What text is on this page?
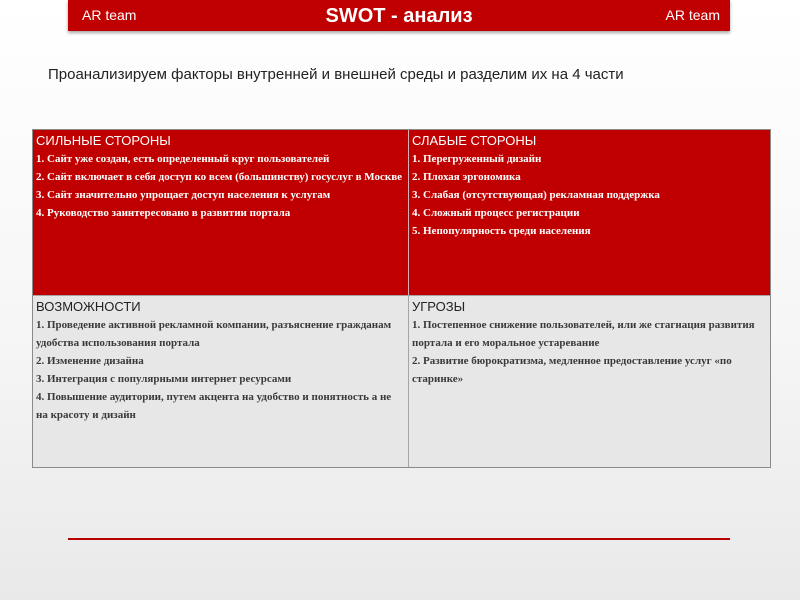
AR team	SWOT - анализ	AR team
Проанализируем факторы внутренней и внешней среды и разделим их на 4 части
СИЛЬНЫЕ СТОРОНЫ
1. Сайт уже создан, есть определенный круг пользователей
2. Сайт включает в себя доступ ко всем (большинству) госуслуг в Москве
3. Сайт значительно упрощает доступ населения к услугам
4. Руководство заинтересовано в развитии портала
СЛАБЫЕ СТОРОНЫ
1. Перегруженный дизайн
2. Плохая эргономика
3. Слабая (отсутствующая) рекламная поддержка
4. Сложный процесс регистрации
5. Непопулярность среди населения
ВОЗМОЖНОСТИ
1. Проведение активной рекламной компании, разъяснение гражданам удобства использования портала
2. Изменение дизайна
3. Интеграция с популярными интернет ресурсами
4. Повышение аудитории, путем акцента на удобство и понятность а не на красоту и дизайн
УГРОЗЫ
1. Постепенное снижение пользователей, или же стагнация развития портала и его моральное устаревание
2. Развитие бюрократизма, медленное предоставление услуг «по старинке»
